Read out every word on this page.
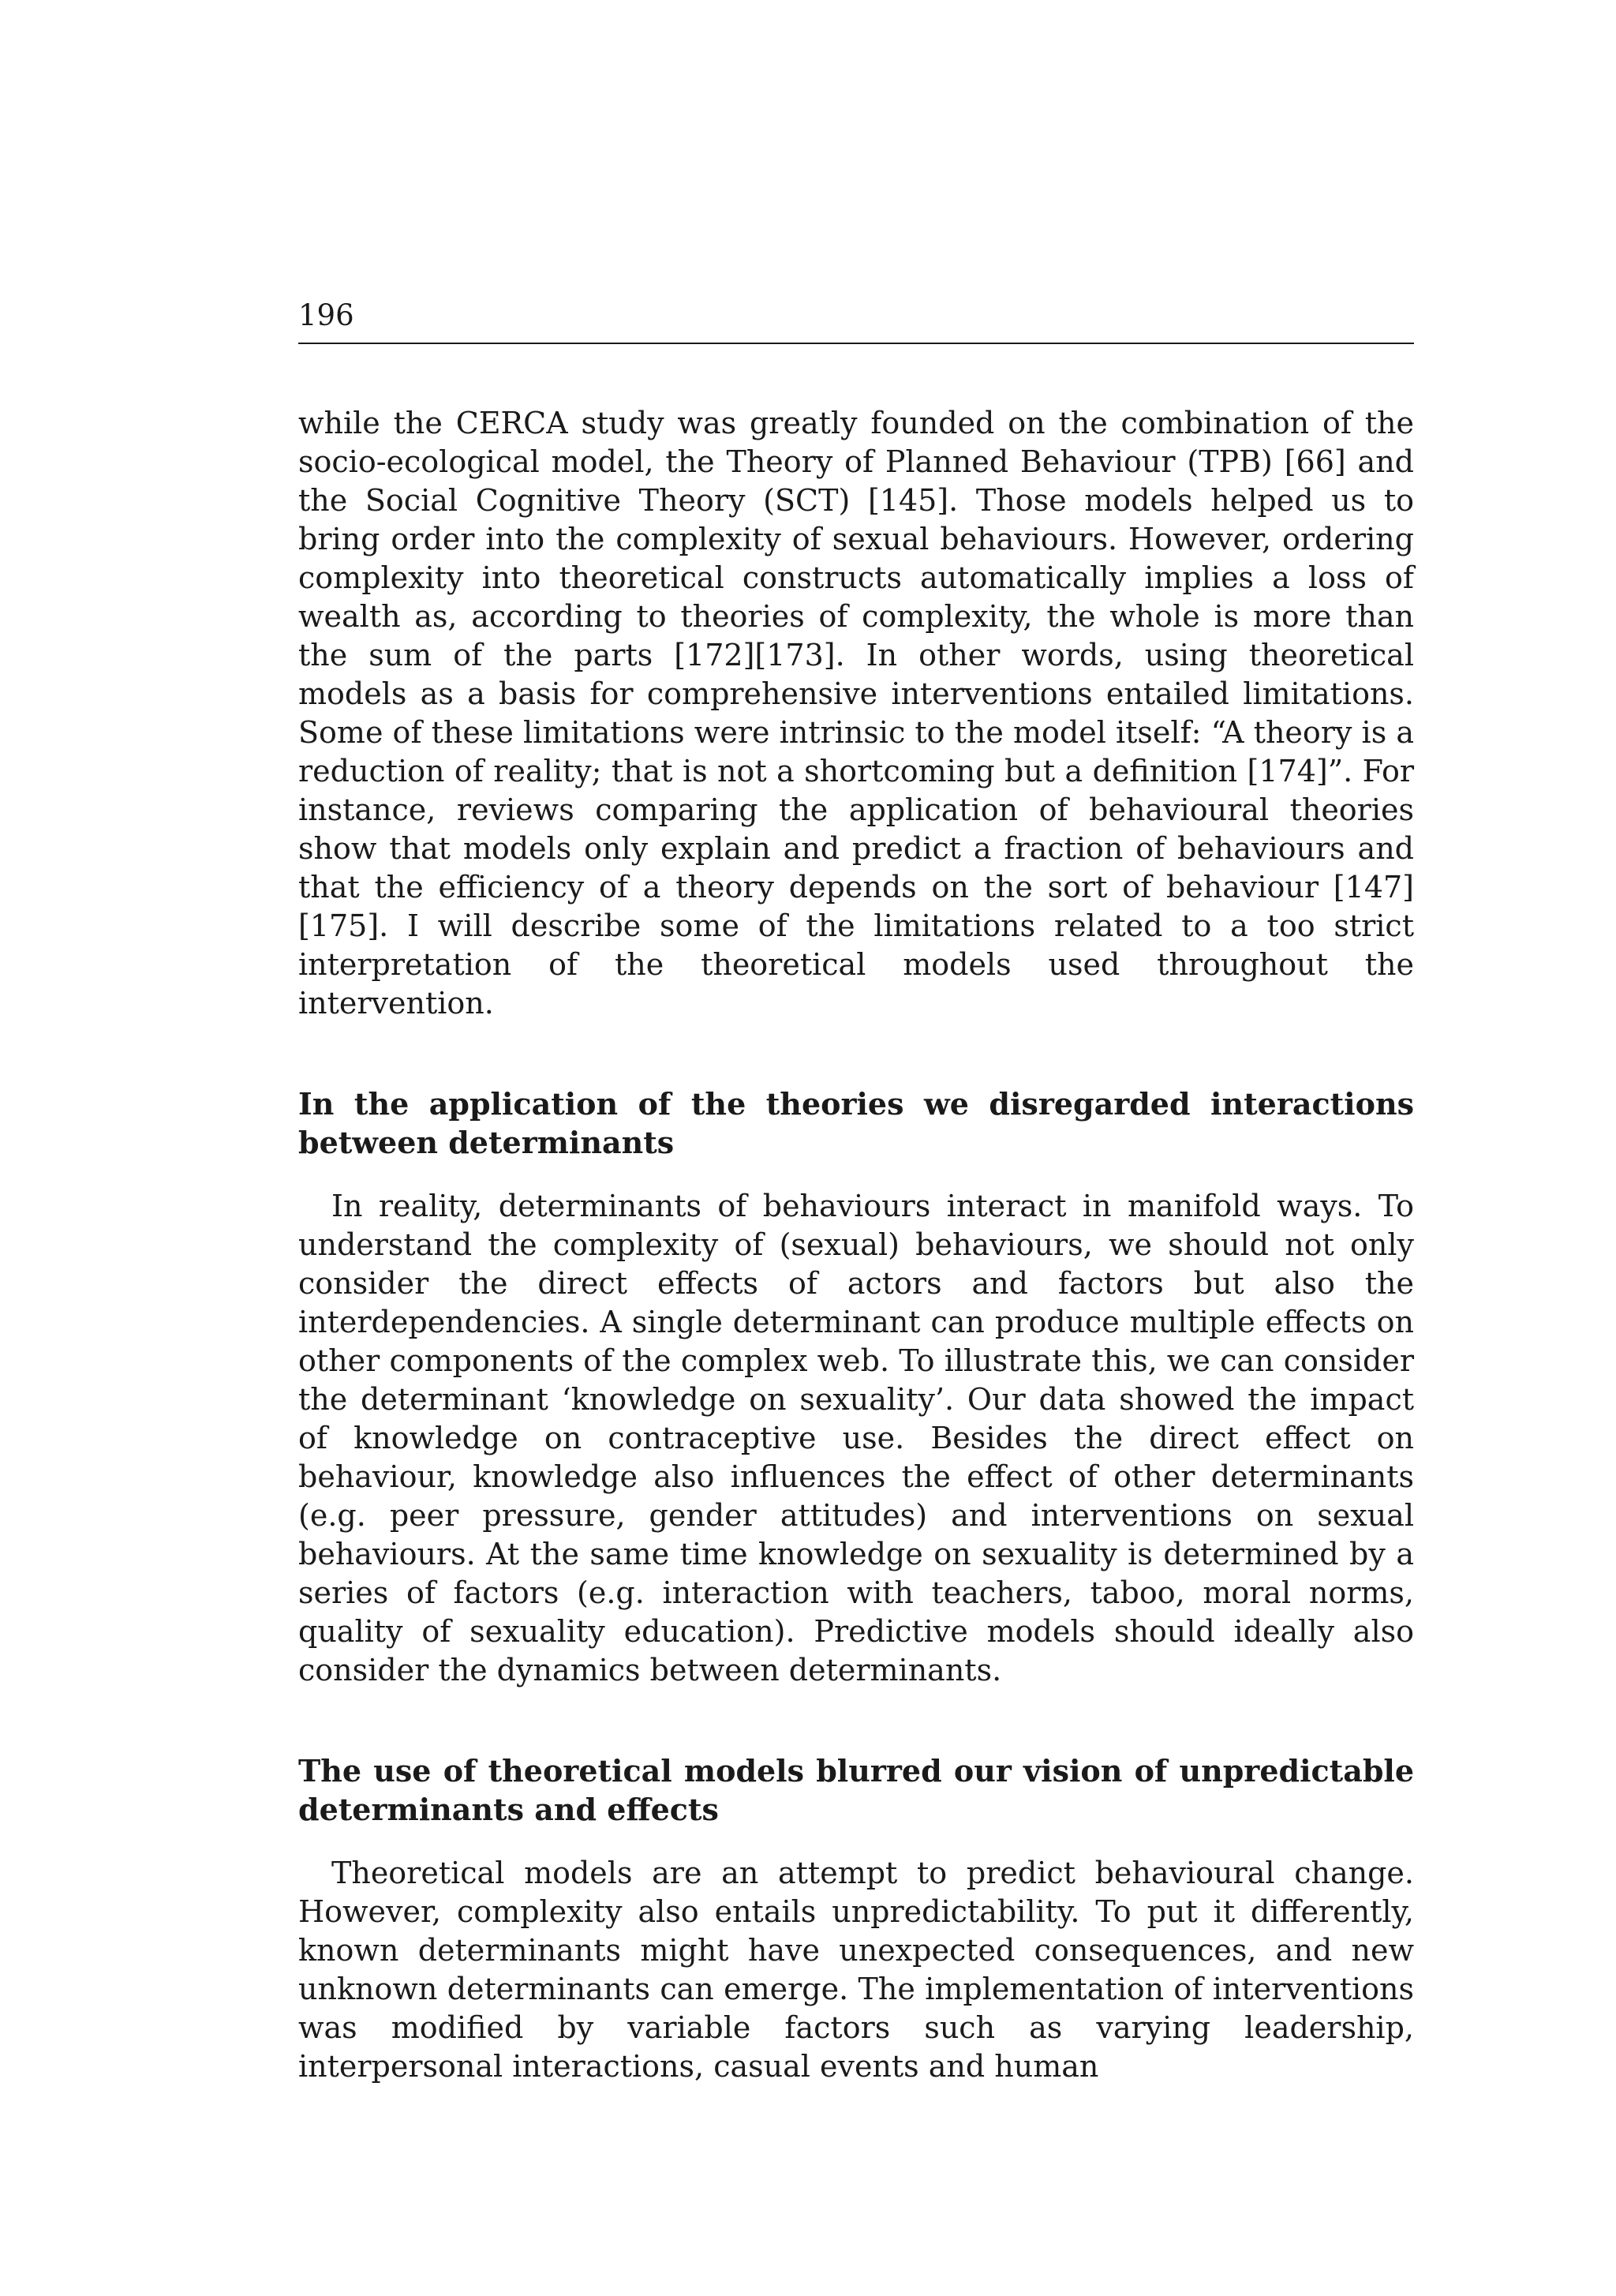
196

while the CERCA study was greatly founded on the combination of the socio-ecological model, the Theory of Planned Behaviour (TPB) [66] and the Social Cognitive Theory (SCT) [145]. Those models helped us to bring order into the complexity of sexual behaviours. However, ordering complexity into theoretical constructs automatically implies a loss of wealth as, according to theories of complexity, the whole is more than the sum of the parts [172][173]. In other words, using theoretical models as a basis for comprehensive interventions entailed limitations. Some of these limitations were intrinsic to the model itself: “A theory is a reduction of reality; that is not a shortcoming but a definition [174]”. For instance, reviews comparing the application of behavioural theories show that models only explain and predict a fraction of behaviours and that the efficiency of a theory depends on the sort of behaviour [147][175]. I will describe some of the limitations related to a too strict interpretation of the theoretical models used throughout the intervention.

In the application of the theories we disregarded interactions between determinants

In reality, determinants of behaviours interact in manifold ways. To understand the complexity of (sexual) behaviours, we should not only consider the direct effects of actors and factors but also the interdependencies. A single determinant can produce multiple effects on other components of the complex web. To illustrate this, we can consider the determinant ‘knowledge on sexuality’. Our data showed the impact of knowledge on contraceptive use. Besides the direct effect on behaviour, knowledge also influences the effect of other determinants (e.g. peer pressure, gender attitudes) and interventions on sexual behaviours. At the same time knowledge on sexuality is determined by a series of factors (e.g. interaction with teachers, taboo, moral norms, quality of sexuality education). Predictive models should ideally also consider the dynamics between determinants.

The use of theoretical models blurred our vision of unpredictable determinants and effects

Theoretical models are an attempt to predict behavioural change. However, complexity also entails unpredictability. To put it differently, known determinants might have unexpected consequences, and new unknown determinants can emerge. The implementation of interventions was modified by variable factors such as varying leadership, interpersonal interactions, casual events and human
